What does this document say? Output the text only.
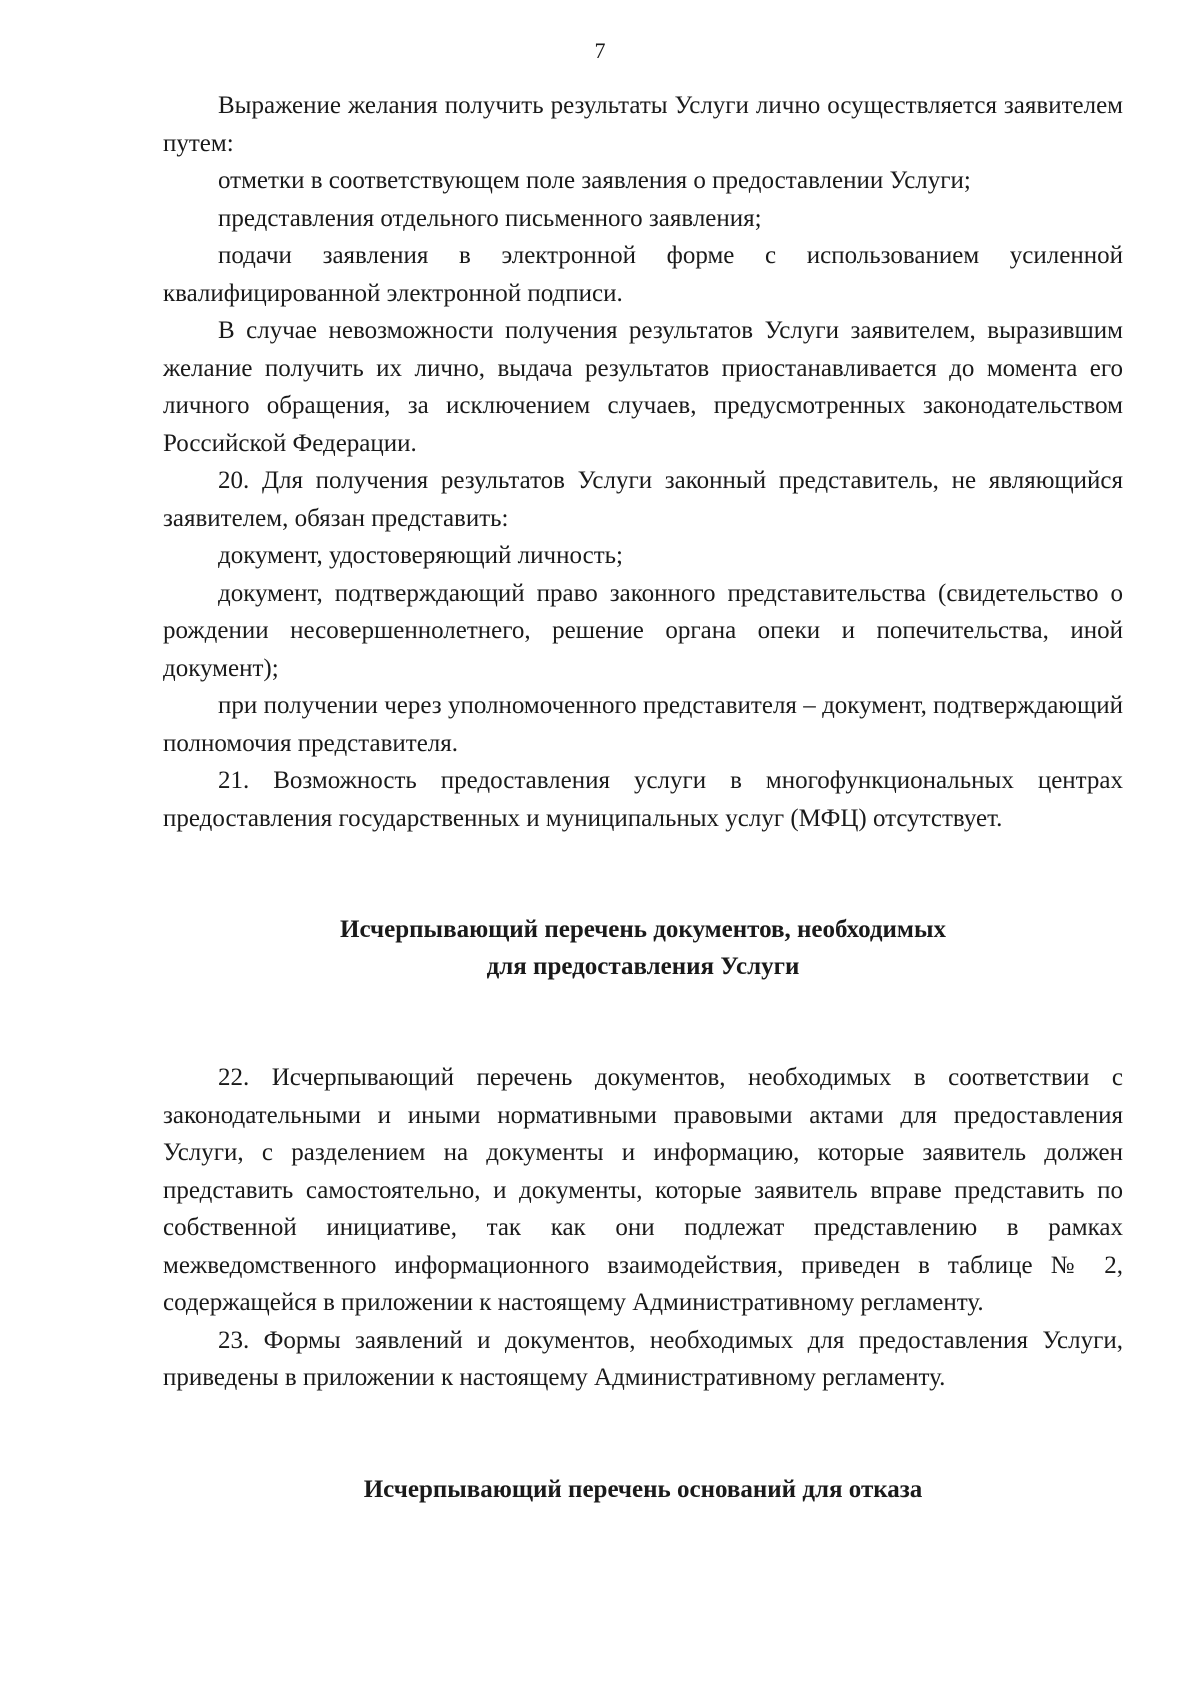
7

Выражение желания получить результаты Услуги лично осуществляется заявителем путем:

отметки в соответствующем поле заявления о предоставлении Услуги;

представления отдельного письменного заявления;

подачи заявления в электронной форме с использованием усиленной квалифицированной электронной подписи.

В случае невозможности получения результатов Услуги заявителем, выразившим желание получить их лично, выдача результатов приостанавливается до момента его личного обращения, за исключением случаев, предусмотренных законодательством Российской Федерации.

20. Для получения результатов Услуги законный представитель, не являющийся заявителем, обязан представить:

документ, удостоверяющий личность;

документ, подтверждающий право законного представительства (свидетельство о рождении несовершеннолетнего, решение органа опеки и попечительства, иной документ);

при получении через уполномоченного представителя – документ, подтверждающий полномочия представителя.

21. Возможность предоставления услуги в многофункциональных центрах предоставления государственных и муниципальных услуг (МФЦ) отсутствует.

Исчерпывающий перечень документов, необходимых
для предоставления Услуги

22. Исчерпывающий перечень документов, необходимых в соответствии с законодательными и иными нормативными правовыми актами для предоставления Услуги, с разделением на документы и информацию, которые заявитель должен представить самостоятельно, и документы, которые заявитель вправе представить по собственной инициативе, так как они подлежат представлению в рамках межведомственного информационного взаимодействия, приведен в таблице № 2, содержащейся в приложении к настоящему Административному регламенту.

23. Формы заявлений и документов, необходимых для предоставления Услуги, приведены в приложении к настоящему Административному регламенту.

Исчерпывающий перечень оснований для отказа
